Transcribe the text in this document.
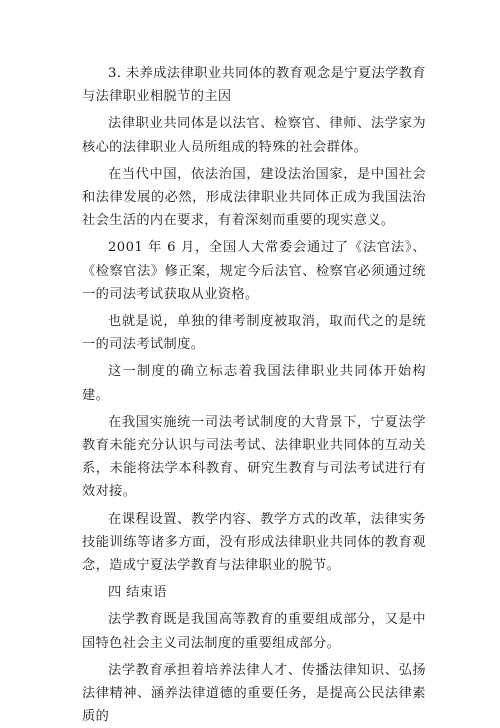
3. 未养成法律职业共同体的教育观念是宁夏法学教育与法律职业相脱节的主因

法律职业共同体是以法官、检察官、律师、法学家为核心的法律职业人员所组成的特殊的社会群体。

在当代中国，依法治国，建设法治国家，是中国社会和法律发展的必然，形成法律职业共同体正成为我国法治社会生活的内在要求，有着深刻而重要的现实意义。

2001 年 6 月，全国人大常委会通过了《法官法》、《检察官法》修正案，规定今后法官、检察官必须通过统一的司法考试获取从业资格。

也就是说，单独的律考制度被取消，取而代之的是统一的司法考试制度。

这一制度的确立标志着我国法律职业共同体开始构建。

在我国实施统一司法考试制度的大背景下，宁夏法学教育未能充分认识与司法考试、法律职业共同体的互动关系，未能将法学本科教育、研究生教育与司法考试进行有效对接。

在课程设置、教学内容、教学方式的改革，法律实务技能训练等诸多方面，没有形成法律职业共同体的教育观念，造成宁夏法学教育与法律职业的脱节。

四 结束语

法学教育既是我国高等教育的重要组成部分，又是中国特色社会主义司法制度的重要组成部分。

法学教育承担着培养法律人才、传播法律知识、弘扬法律精神、涵养法律道德的重要任务，是提高公民法律素质的
